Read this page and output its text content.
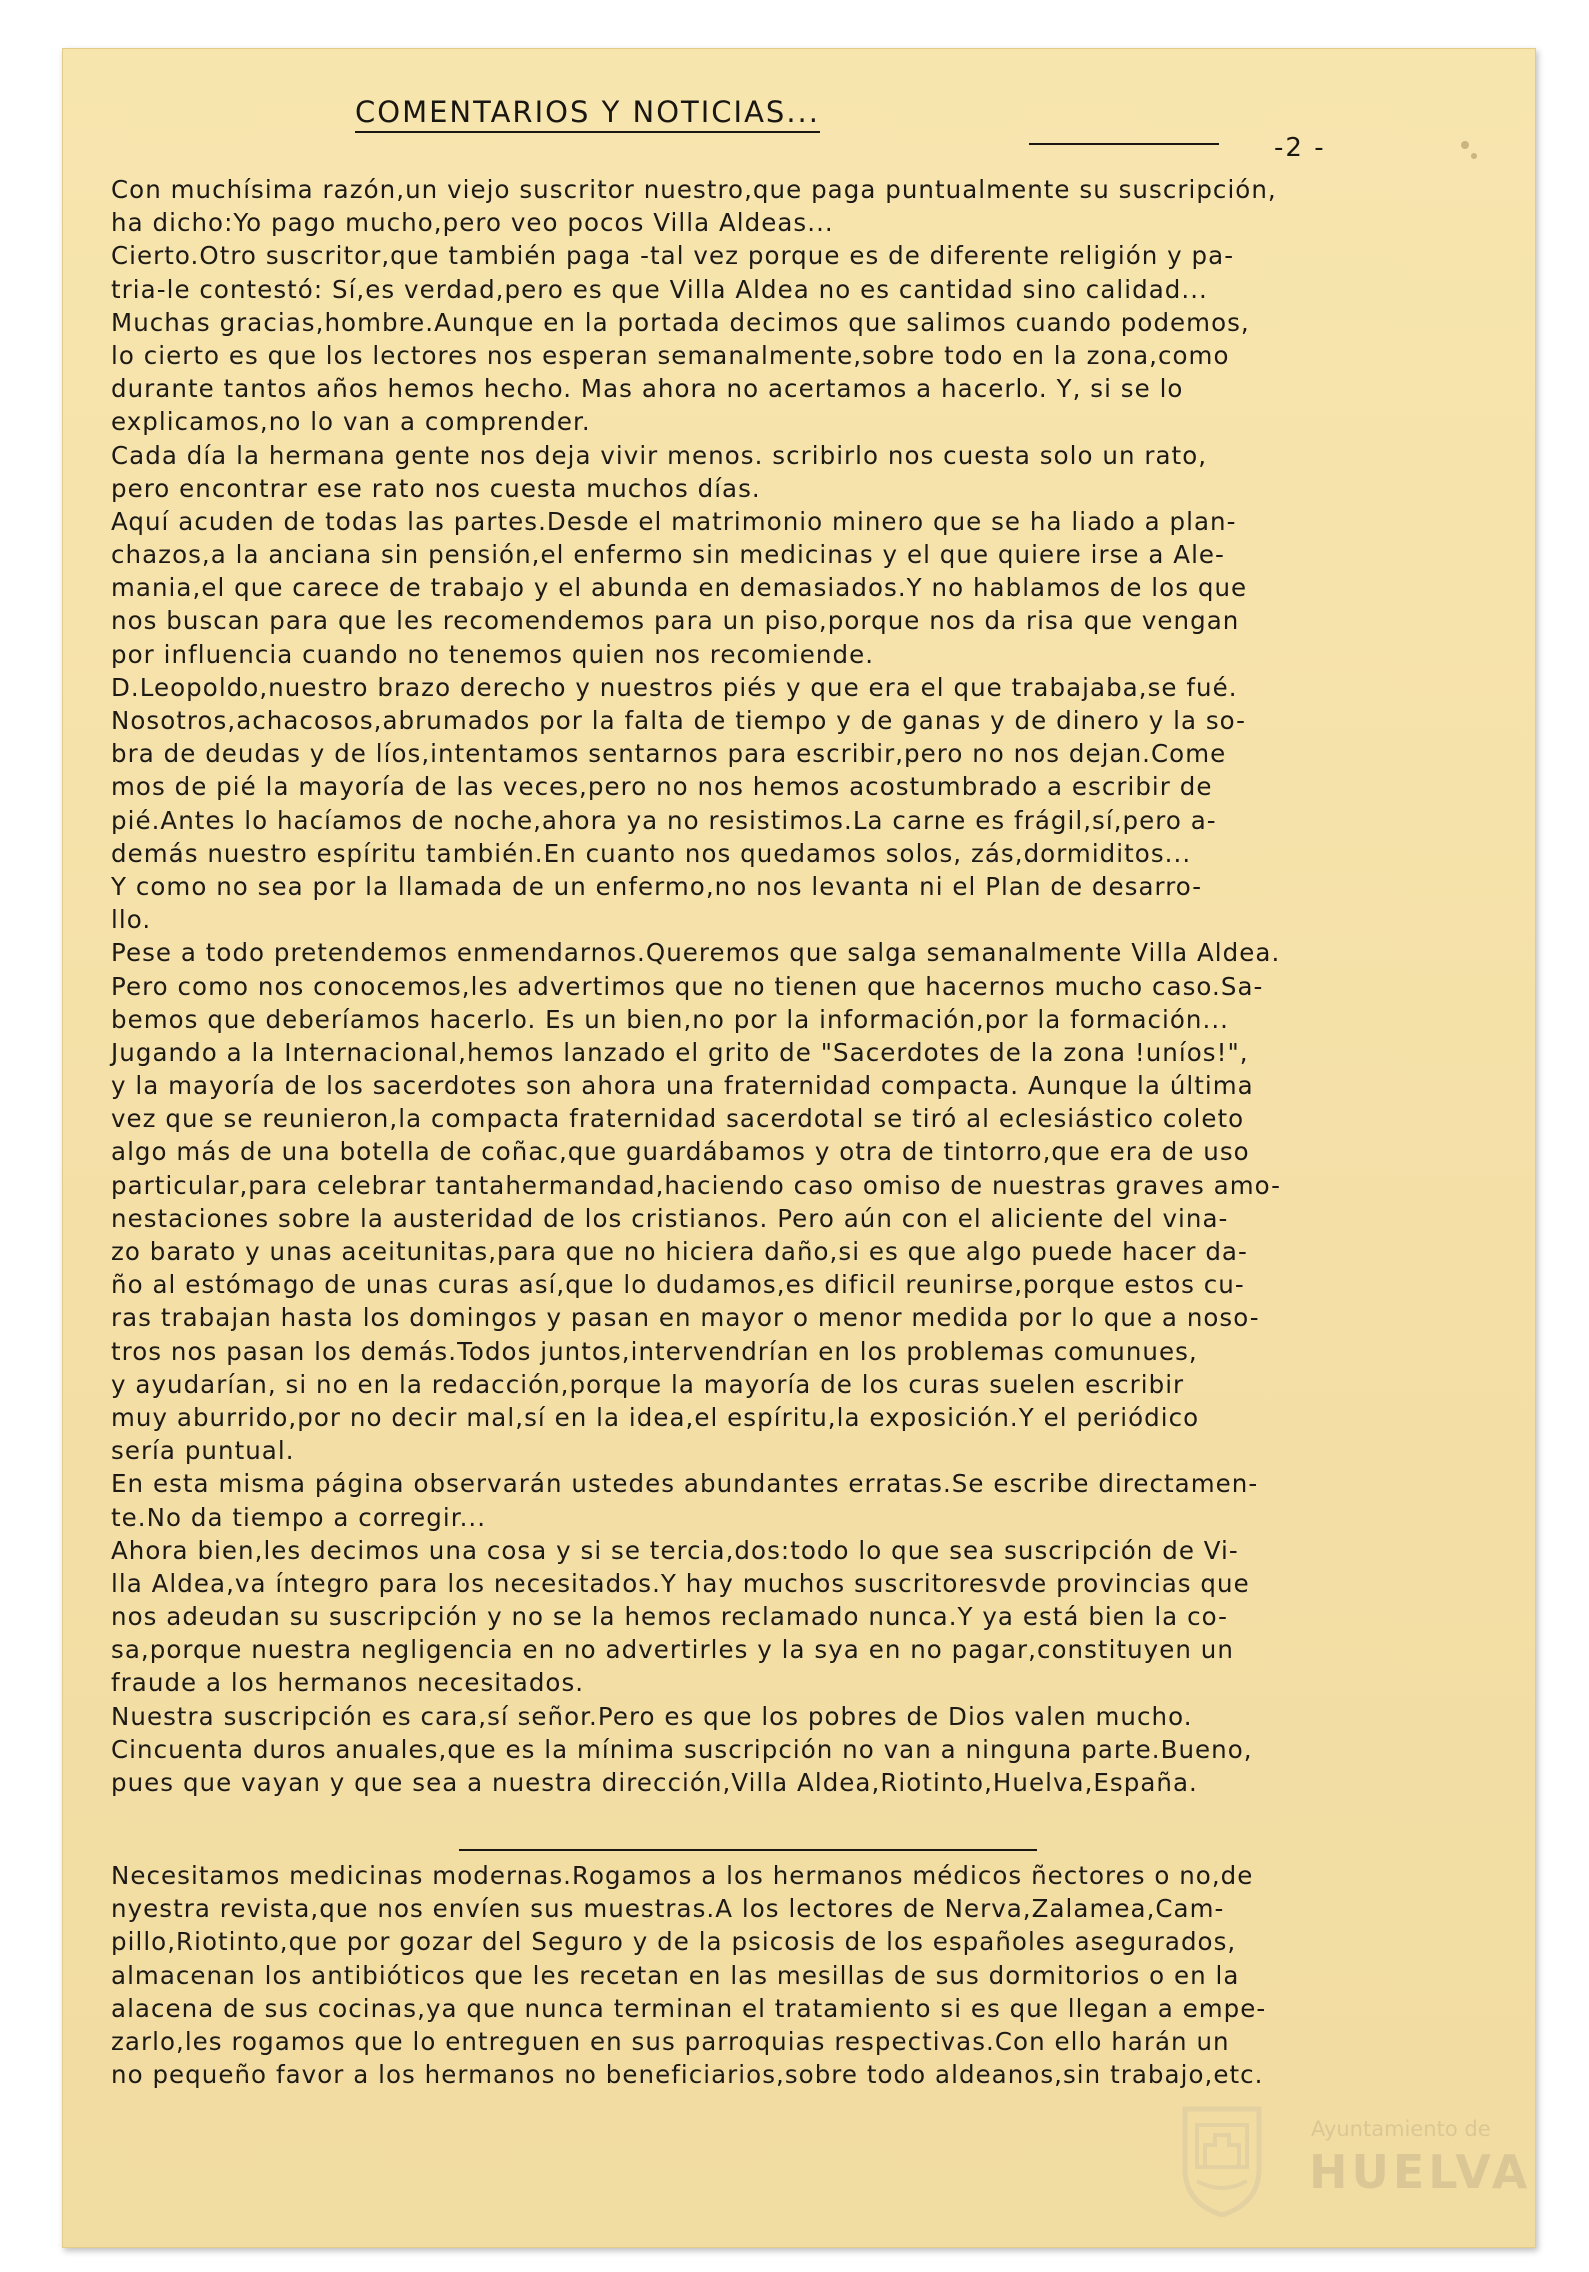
COMENTARIOS Y NOTICIAS...
-2 -
Con muchísima razón,un viejo suscritor nuestro,que paga puntualmente su suscripción,
ha dicho:Yo pago mucho,pero veo pocos Villa Aldeas...
Cierto.Otro suscritor,que también paga -tal vez porque es de diferente religión y pa-
tria-le contestó: Sí,es verdad,pero es que Villa Aldea no es cantidad sino calidad...
Muchas gracias,hombre.Aunque en la portada decimos que salimos cuando podemos,
lo cierto es que los lectores nos esperan semanalmente,sobre todo en la zona,como
durante tantos años hemos hecho. Mas ahora no acertamos a hacerlo. Y, si se lo
explicamos,no lo van a comprender.
Cada día la hermana gente nos deja vivir menos. scribirlo nos cuesta solo un rato,
pero encontrar ese rato nos cuesta muchos días.
Aquí acuden de todas las partes.Desde el matrimonio minero que se ha liado a plan-
chazos,a la anciana sin pensión,el enfermo sin medicinas y el que quiere irse a Ale-
mania,el que carece de trabajo y el abunda en demasiados.Y no hablamos de los que
nos buscan para que les recomendemos para un piso,porque nos da risa que vengan
por influencia cuando no tenemos quien nos recomiende.
D.Leopoldo,nuestro brazo derecho y nuestros piés y que era el que trabajaba,se fué.
Nosotros,achacosos,abrumados por la falta de tiempo y de ganas y de dinero y la so-
bra de deudas y de líos,intentamos sentarnos para escribir,pero no nos dejan.Come
mos de pié la mayoría de las veces,pero no nos hemos acostumbrado a escribir de
pié.Antes lo hacíamos de noche,ahora ya no resistimos.La carne es frágil,sí,pero a-
demás nuestro espíritu también.En cuanto nos quedamos solos, zás,dormiditos...
Y como no sea por la llamada de un enfermo,no nos levanta ni el Plan de desarro-
llo.
Pese a todo pretendemos enmendarnos.Queremos que salga semanalmente Villa Aldea.
Pero como nos conocemos,les advertimos que no tienen que hacernos mucho caso.Sa-
bemos que deberíamos hacerlo. Es un bien,no por la información,por la formación...
Jugando a la Internacional,hemos lanzado el grito de "Sacerdotes de la zona !uníos!",
y la mayoría de los sacerdotes son ahora una fraternidad compacta. Aunque la última
vez que se reunieron,la compacta fraternidad sacerdotal se tiró al eclesiástico coleto
algo más de una botella de coñac,que guardábamos y otra de tintorro,que era de uso
particular,para celebrar tantahermandad,haciendo caso omiso de nuestras graves amo-
nestaciones sobre la austeridad de los cristianos. Pero aún con el aliciente del vina-
zo barato y unas aceitunitas,para que no hiciera daño,si es que algo puede hacer da-
ño al estómago de unas curas así,que lo dudamos,es dificil reunirse,porque estos cu-
ras trabajan hasta los domingos y pasan en mayor o menor medida por lo que a noso-
tros nos pasan los demás.Todos juntos,intervendrían en los problemas comunues,
y ayudarían, si no en la redacción,porque la mayoría de los curas suelen escribir
muy aburrido,por no decir mal,sí en la idea,el espíritu,la exposición.Y el periódico
sería puntual.
En esta misma página observarán ustedes abundantes erratas.Se escribe directamen-
te.No da tiempo a corregir...
Ahora bien,les decimos una cosa y si se tercia,dos:todo lo que sea suscripción de Vi-
lla Aldea,va íntegro para los necesitados.Y hay muchos suscritoresvde provincias que
nos adeudan su suscripción y no se la hemos reclamado nunca.Y ya está bien la co-
sa,porque nuestra negligencia en no advertirles y la sya en no pagar,constituyen un
fraude a los hermanos necesitados.
Nuestra suscripción es cara,sí señor.Pero es que los pobres de Dios valen mucho.
Cincuenta duros anuales,que es la mínima suscripción no van a ninguna parte.Bueno,
pues que vayan y que sea a nuestra dirección,Villa Aldea,Riotinto,Huelva,España.
Necesitamos medicinas modernas.Rogamos a los hermanos médicos ñectores o no,de
nyestra revista,que nos envíen sus muestras.A los lectores de Nerva,Zalamea,Cam-
pillo,Riotinto,que por gozar del Seguro y de la psicosis de los españoles asegurados,
almacenan los antibióticos que les recetan en las mesillas de sus dormitorios o en la
alacena de sus cocinas,ya que nunca terminan el tratamiento si es que llegan a empe-
zarlo,les rogamos que lo entreguen en sus parroquias respectivas.Con ello harán un
no pequeño favor a los hermanos no beneficiarios,sobre todo aldeanos,sin trabajo,etc.
Ayuntamiento de
HUELVA
